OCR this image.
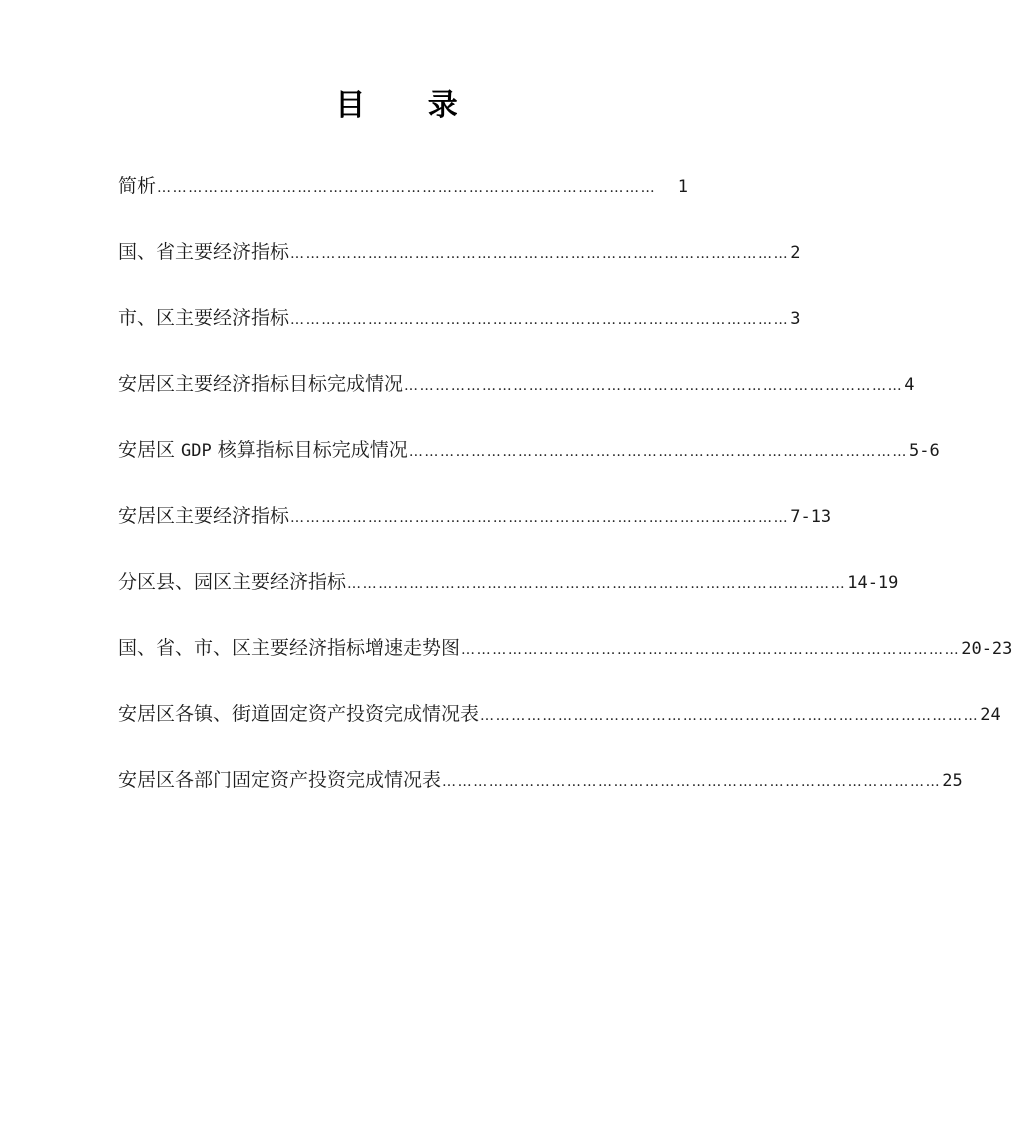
目 录
简析 ……………………………………………………………………………………	1
国、省主要经济指标 …………………………………………………………………………………… 2
市、区主要经济指标 …………………………………………………………………………………… 3
安居区主要经济指标目标完成情况 …………………………………………………………………………………… 4
安居区 GDP 核算指标目标完成情况 …………………………………………………………………………………… 5-6
安居区主要经济指标 …………………………………………………………………………………… 7-13
分区县、园区主要经济指标 …………………………………………………………………………………… 14-19
国、省、市、区主要经济指标增速走势图 …………………………………………………………………………………… 20-23
安居区各镇、街道固定资产投资完成情况表 …………………………………………………………………………………… 24
安居区各部门固定资产投资完成情况表 …………………………………………………………………………………… 25
